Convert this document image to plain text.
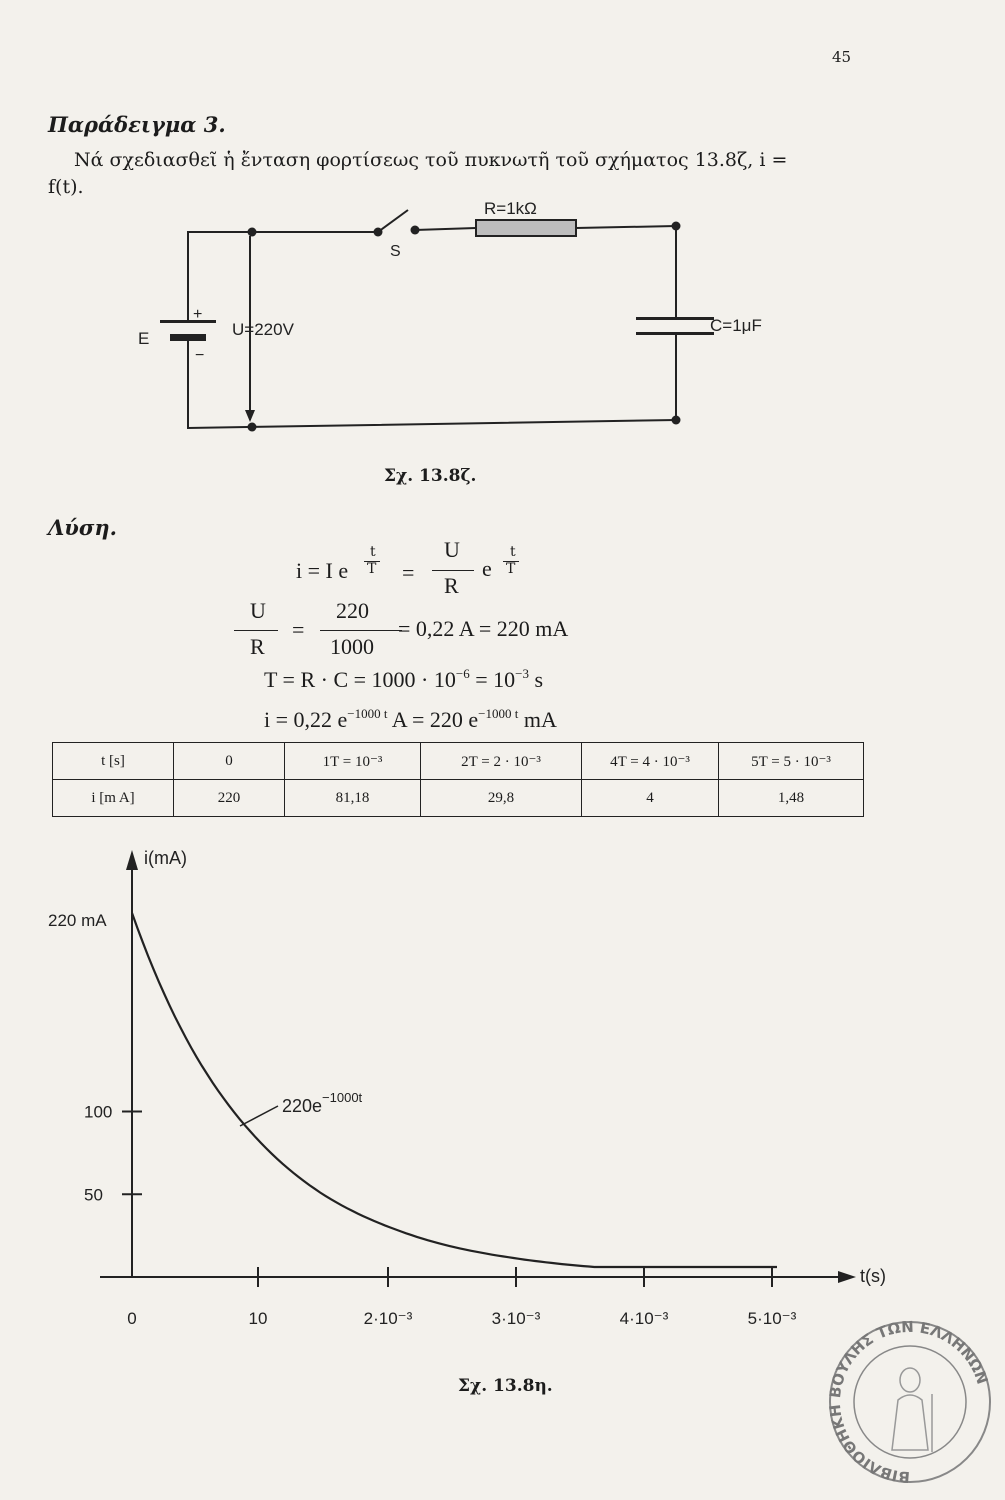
45
Παράδειγμα 3.
Νά σχεδιασθεῖ ἡ ἔνταση φορτίσεως τοῦ πυκνωτῆ τοῦ σχήματος 13.8ζ, i =
f(t).
E
+
−
U=220V
S
R=1kΩ
C=1μF
Σχ. 13.8ζ.
Λύση.
i = I e
t
T =
U
R
e
t
T
U
R
=
220
1000
= 0,22 A = 220 mA
$T = R \cdot C = 1000 \cdot 10^{-6} = 10^{-3}$ s
i = 0,22 $e^{-1000 t}$ A = 220 $e^{-1000 t}$ mA
t [s]	0	1T = 10⁻³	2T = 2 · 10⁻³	4T = 4 · 10⁻³	5T = 5 · 10⁻³
i [m A]	220	81,18	29,8	4	1,48
i(mA)
t(s)
220 mA
100
50
0	10	2·10⁻³	3·10⁻³	4·10⁻³	5·10⁻³
$220e^{-1000t}$
Σχ. 13.8η.
ΒΙΒΛΙΟΘΗΚΗ ΒΟΥΛΗΣ ΤΩΝ ΕΛΛΗΝΩΝ
